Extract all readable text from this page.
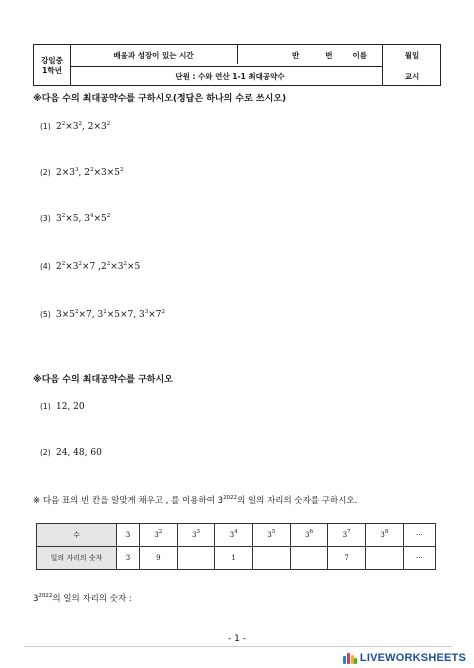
강일중
1학년
배움과 성장이 있는 시간	반	번	이름
단원 : 수와 연산 1-1 최대공약수
월 일
교시
※다음 수의 최대공약수를 구하시오(정답은 하나의 수로 쓰시오)
(1) $2^2\times 3^2$, $2\times 3^2$
(2) $2\times 3^3$, $2^2\times 3\times 5^2$
(3) $3^2\times 5$, $3^4\times 5^2$
(4) $2^2\times 3^2\times 7$ $,2^2\times 3^2\times 5$
(5) $3\times 5^2\times 7$, $3^2\times 5\times 7$, $3^3\times 7^2$
※다음 수의 최대공약수를 구하시오
(1) 12, 20
(2) 24, 48, 60
※ 다음 표의 빈 칸을 알맞게 채우고 , 를 이용하여 $3^{2022}$의 일의 자리의 숫자를 구하시오.
수	3	$3^2$	$3^3$	$3^4$	$3^5$	$3^6$	$3^7$	$3^8$	···
일의 자리의 숫자	3	9		1			7		···
$3^{2022}$의 일의 자리의 숫자 :
- 1 -
LIVEWORKSHEETS
